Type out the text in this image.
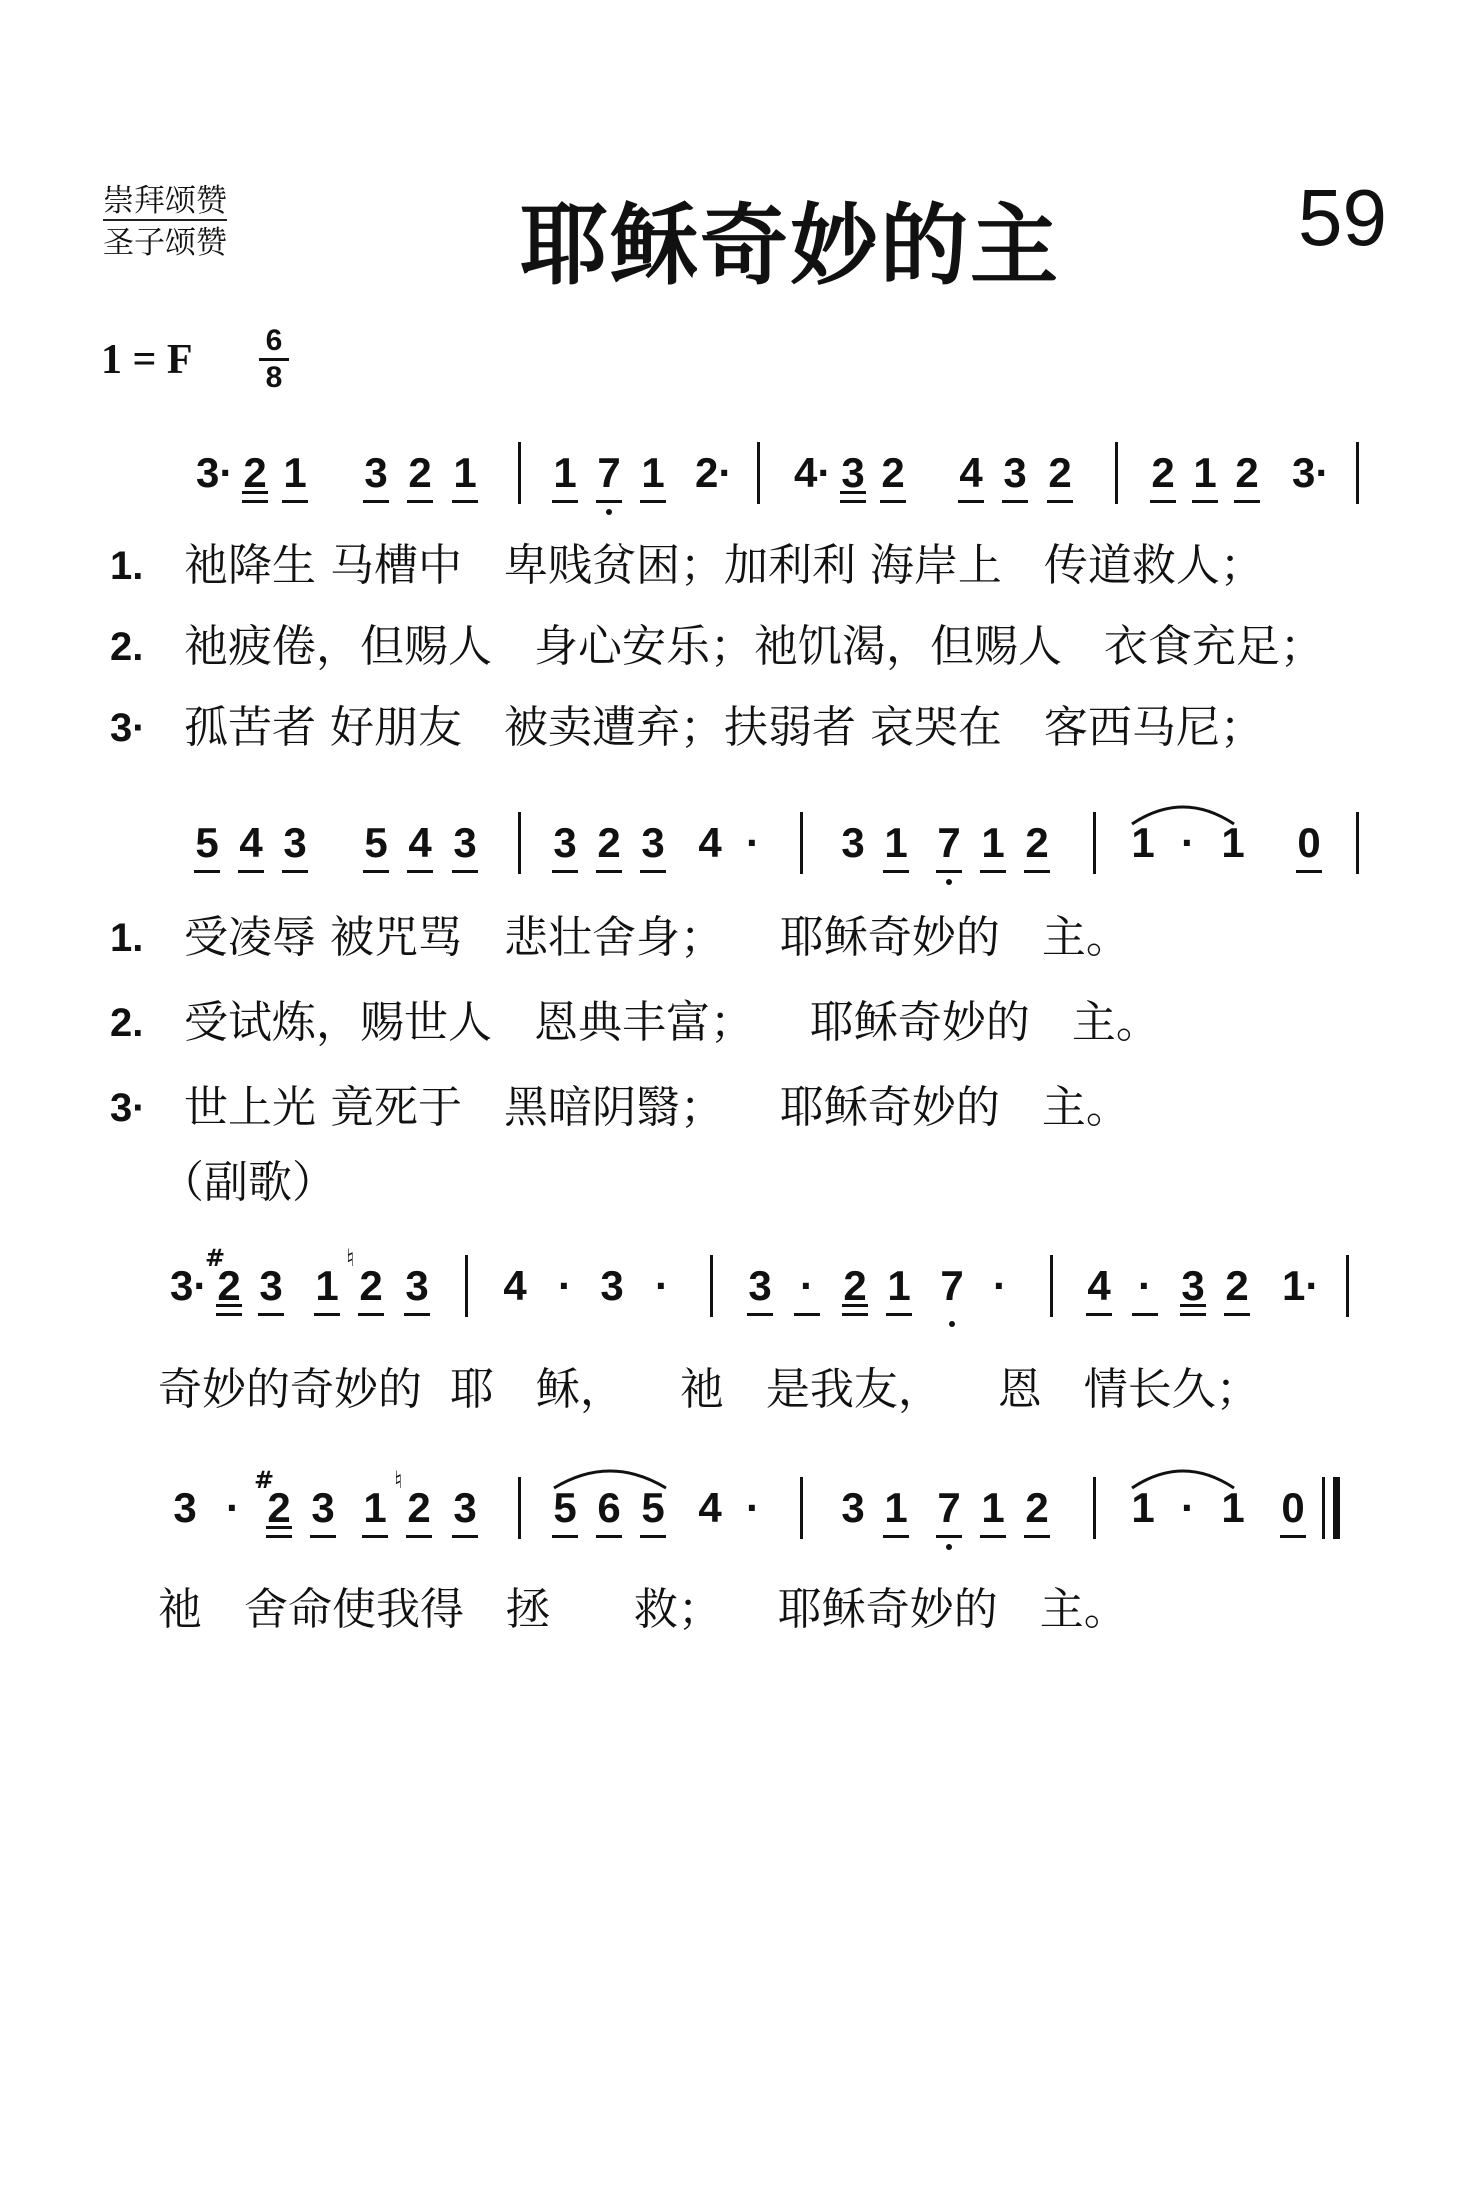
崇拜颂赞
圣子颂赞	耶稣奇妙的主	59
1 = F 6
8
3· 2 1 3 2 1 1 7 1 2· 4· 3 2 4 3 2 2 1 2 3·
1. 祂降生 马槽中   卑贱贫困；加利利 海岸上   传道救人；
2. 祂疲倦，但赐人   身心安乐；祂饥渴，但赐人   衣食充足；
3· 孤苦者 好朋友   被卖遭弃；扶弱者 哀哭在   客西马尼；
5 4 3 5 4 3 3 2 3 4 · 3 1 7 1 2 1 · 1 0
1. 受凌辱 被咒骂   悲壮舍身；    耶稣奇妙的   主。
2. 受试炼，赐世人   恩典丰富；    耶稣奇妙的   主。
3· 世上光 竟死于   黑暗阴翳；    耶稣奇妙的   主。
（副歌）
3·
#
2 3 1
♮
2 3 4 · 3 · 3 · 2 1 7 · 4 · 3 2 1·
奇妙的奇妙的  耶   稣，    祂   是我友，    恩   情长久；
3 ·
#
2 3 1
♮
2 3 5 6 5 4 · 3 1 7 1 2 1 · 1 0
祂   舍命使我得   拯      救；    耶稣奇妙的   主。
